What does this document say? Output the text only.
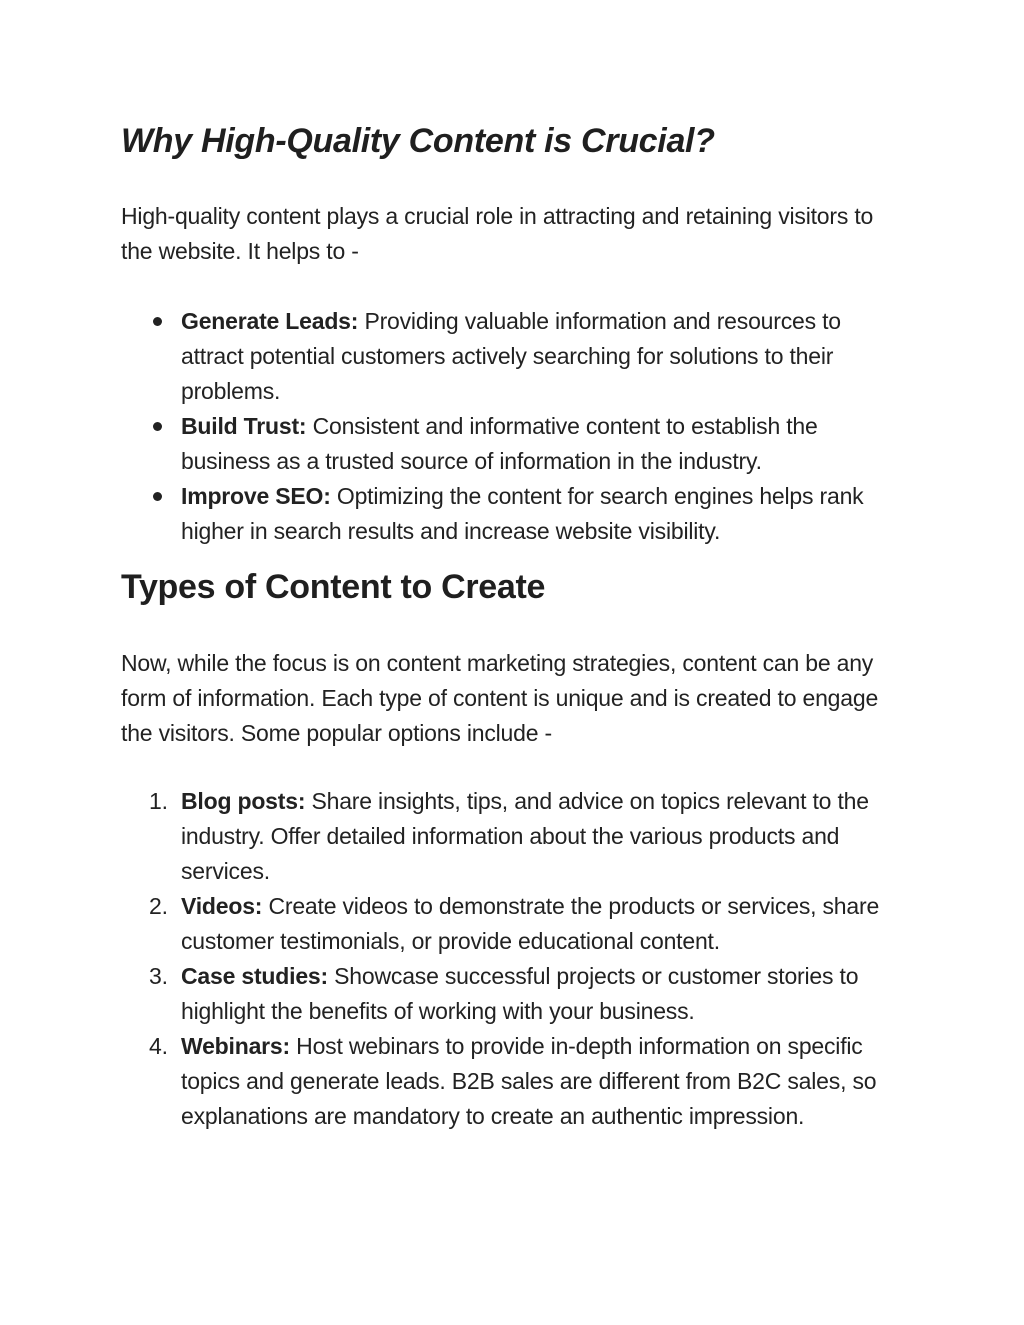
Why High-Quality Content is Crucial?

High-quality content plays a crucial role in attracting and retaining visitors to the website. It helps to -

Generate Leads: Providing valuable information and resources to attract potential customers actively searching for solutions to their problems.
Build Trust: Consistent and informative content to establish the business as a trusted source of information in the industry.
Improve SEO: Optimizing the content for search engines helps rank higher in search results and increase website visibility.
Types of Content to Create

Now, while the focus is on content marketing strategies, content can be any form of information. Each type of content is unique and is created to engage the visitors. Some popular options include -

1. Blog posts: Share insights, tips, and advice on topics relevant to the industry. Offer detailed information about the various products and services.
2. Videos: Create videos to demonstrate the products or services, share customer testimonials, or provide educational content.
3. Case studies: Showcase successful projects or customer stories to highlight the benefits of working with your business.
4. Webinars: Host webinars to provide in-depth information on specific topics and generate leads. B2B sales are different from B2C sales, so explanations are mandatory to create an authentic impression.
